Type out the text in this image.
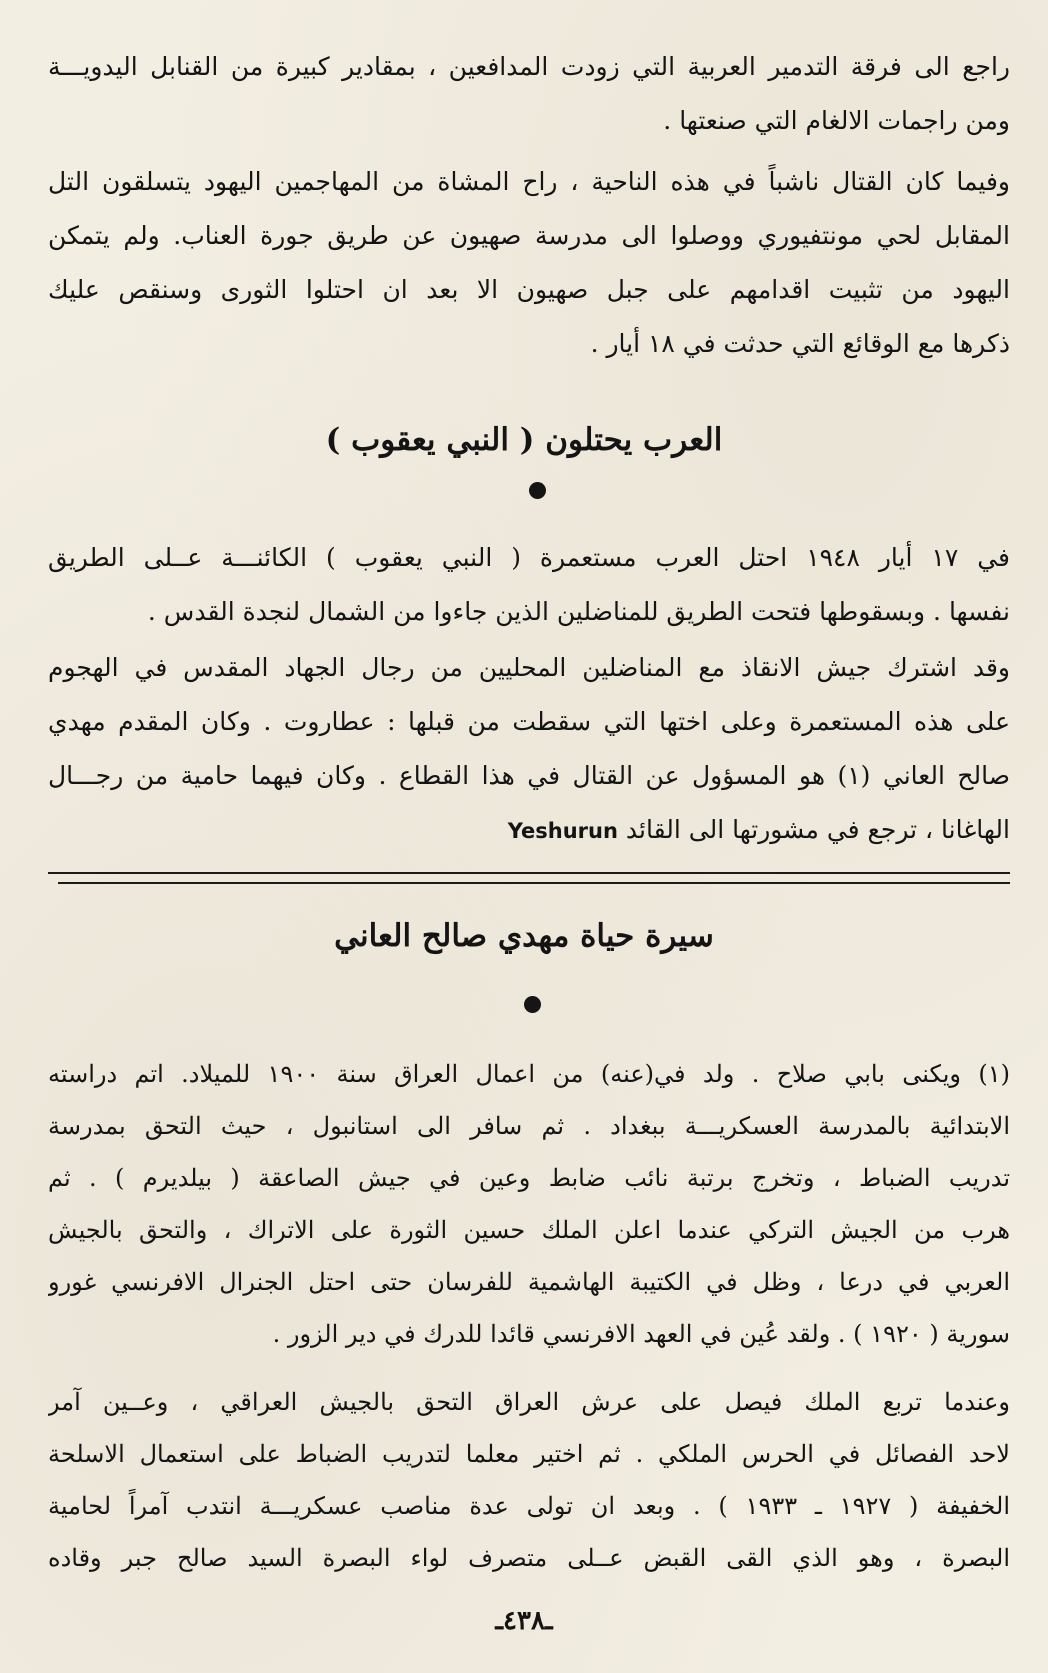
راجع الى فرقة التدمير العربية التي زودت المدافعين ، بمقادير كبيرة من القنابل اليدويـــة
ومن راجمات الالغام التي صنعتها .
وفيما كان القتال ناشباً في هذه الناحية ، راح المشاة من المهاجمين اليهود يتسلقون التل
المقابل لحي مونتفيوري ووصلوا الى مدرسة صهيون عن طريق جورة العناب. ولم يتمكن
اليهود من تثبيت اقدامهم على جبل صهيون الا بعد ان احتلوا الثورى وسنقص عليك
ذكرها مع الوقائع التي حدثت في ١٨ أيار .
العرب يحتلون ( النبي يعقوب )
في ١٧ أيار ١٩٤٨ احتل العرب مستعمرة ( النبي يعقوب ) الكائنـــة عــلى الطريق
نفسها . وبسقوطها فتحت الطريق للمناضلين الذين جاءوا من الشمال لنجدة القدس .
وقد اشترك جيش الانقاذ مع المناضلين المحليين من رجال الجهاد المقدس في الهجوم
على هذه المستعمرة وعلى اختها التي سقطت من قبلها : عطاروت . وكان المقدم مهدي
صالح العاني (١) هو المسؤول عن القتال في هذا القطاع . وكان فيهما حامية من رجـــال
الهاغانا ، ترجع في مشورتها الى القائد Yeshurun
سيرة حياة مهدي صالح العاني
(١) ويكنى بابي صلاح . ولد في(عنه) من اعمال العراق سنة ١٩٠٠ للميلاد. اتم دراسته
الابتدائية بالمدرسة العسكريـــة ببغداد . ثم سافر الى استانبول ، حيث التحق بمدرسة
تدريب الضباط ، وتخرج برتبة نائب ضابط وعين في جيش الصاعقة ( بيلديرم ) . ثم
هرب من الجيش التركي عندما اعلن الملك حسين الثورة على الاتراك ، والتحق بالجيش
العربي في درعا ، وظل في الكتيبة الهاشمية للفرسان حتى احتل الجنرال الافرنسي غورو
سورية ( ١٩٢٠ ) . ولقد عُين في العهد الافرنسي قائدا للدرك في دير الزور .
وعندما تربع الملك فيصل على عرش العراق التحق بالجيش العراقي ، وعــين آمر
لاحد الفصائل في الحرس الملكي . ثم اختير معلما لتدريب الضباط على استعمال الاسلحة
الخفيفة ( ١٩٢٧ ـ ١٩٣٣ ) . وبعد ان تولى عدة مناصب عسكريـــة انتدب آمراً لحامية
البصرة ، وهو الذي القى القبض عــلى متصرف لواء البصرة السيد صالح جبر وقاده
ـ٤٣٨ـ
